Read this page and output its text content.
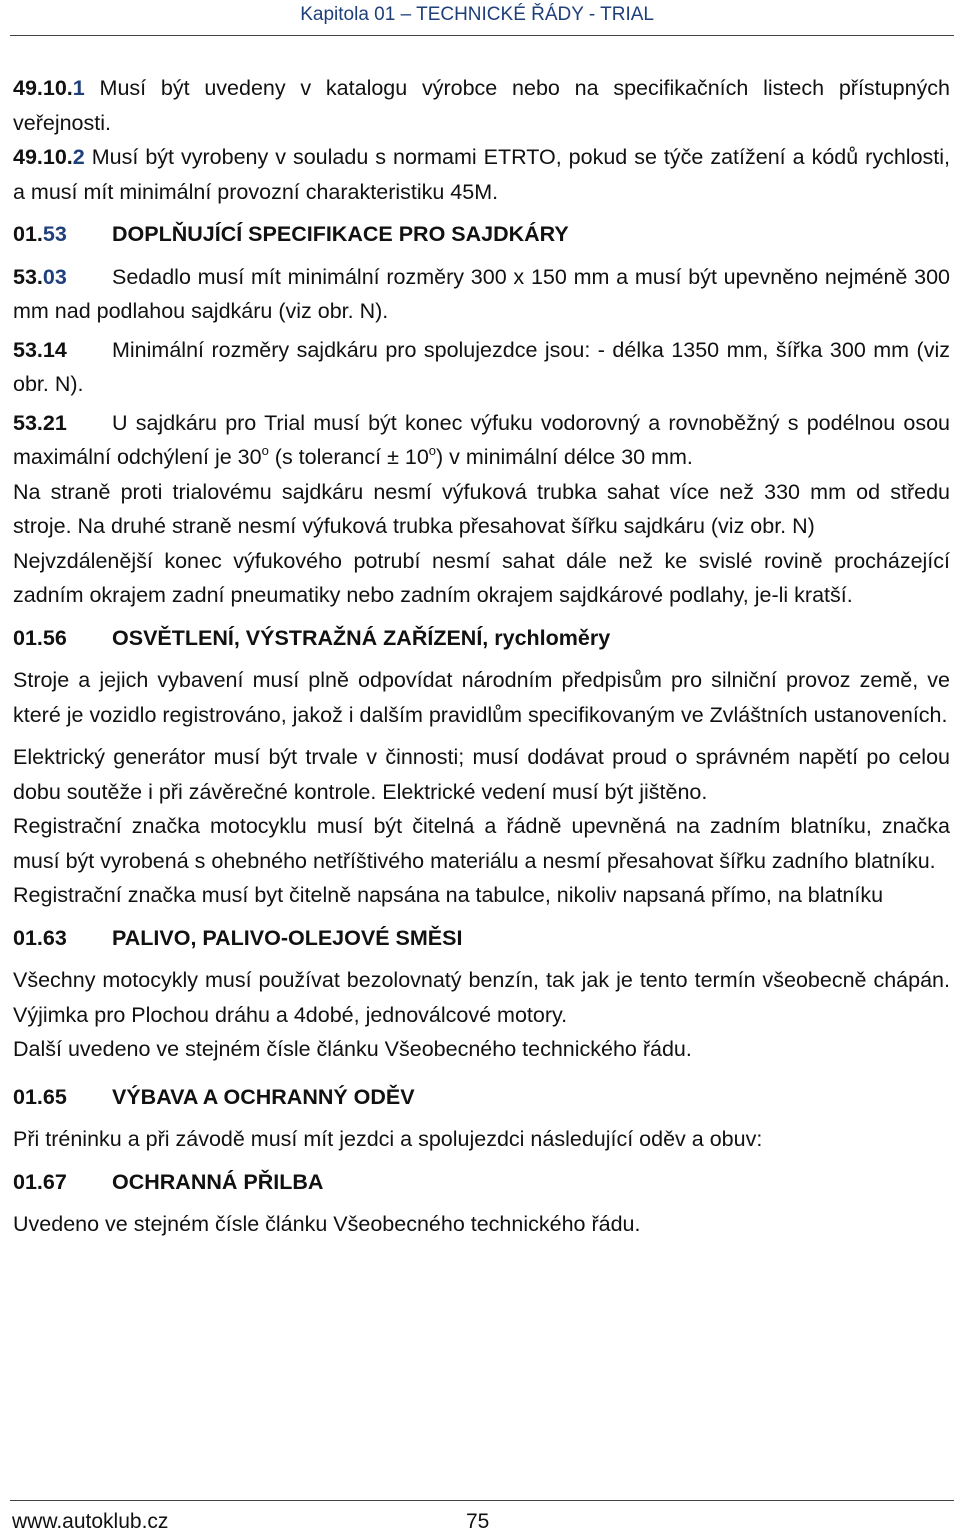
Kapitola 01 – TECHNICKÉ ŘÁDY - TRIAL

49.10.1 Musí být uvedeny v katalogu výrobce nebo na specifikačních listech přístupných veřejnosti.

49.10.2 Musí být vyrobeny v souladu s normami ETRTO, pokud se týče zatížení a kódů rychlosti, a musí mít minimální provozní charakteristiku 45M.

01.53 DOPLŇUJÍCÍ SPECIFIKACE PRO SAJDKÁRY

53.03 Sedadlo musí mít minimální rozměry 300 x 150 mm a musí být upevněno nejméně 300 mm nad podlahou sajdkáru (viz obr. N).

53.14 Minimální rozměry sajdkáru pro spolujezdce jsou: - délka 1350 mm, šířka 300 mm (viz obr. N).

53.21 U sajdkáru pro Trial musí být konec výfuku vodorovný a rovnoběžný s podélnou osou maximální odchýlení je 30$^o$ (s tolerancí ± $10^o$) v minimální délce 30 mm.

Na straně proti trialovému sajdkáru nesmí výfuková trubka sahat více než 330 mm od středu stroje. Na druhé straně nesmí výfuková trubka přesahovat šířku sajdkáru (viz obr. N)

Nejvzdálenější konec výfukového potrubí nesmí sahat dále než ke svislé rovině procházející zadním okrajem zadní pneumatiky nebo zadním okrajem sajdkárové podlahy, je-li kratší.

01.56 OSVĚTLENÍ, VÝSTRAŽNÁ ZAŘÍZENÍ, rychloměry

Stroje a jejich vybavení musí plně odpovídat národním předpisům pro silniční provoz země, ve které je vozidlo registrováno, jakož i dalším pravidlům specifikovaným ve Zvláštních ustanoveních.

Elektrický generátor musí být trvale v činnosti; musí dodávat proud o správném napětí po celou dobu soutěže i při závěrečné kontrole. Elektrické vedení musí být jištěno.

Registrační značka motocyklu musí být čitelná a řádně upevněná na zadním blatníku, značka musí být vyrobená s ohebného netříštivého materiálu a nesmí přesahovat šířku zadního blatníku.

Registrační značka musí byt čitelně napsána na tabulce, nikoliv napsaná přímo, na blatníku

01.63 PALIVO, PALIVO-OLEJOVÉ SMĚSI

Všechny motocykly musí používat bezolovnatý benzín, tak jak je tento termín všeobecně chápán. Výjimka pro Plochou dráhu a 4dobé, jednoválcové motory.

Další uvedeno ve stejném čísle článku Všeobecného technického řádu.

01.65 VÝBAVA A OCHRANNÝ ODĚV

Při tréninku a při závodě musí mít jezdci a spolujezdci následující oděv a obuv:

01.67 OCHRANNÁ PŘILBA

Uvedeno ve stejném čísle článku Všeobecného technického řádu.

www.autoklub.cz	75
